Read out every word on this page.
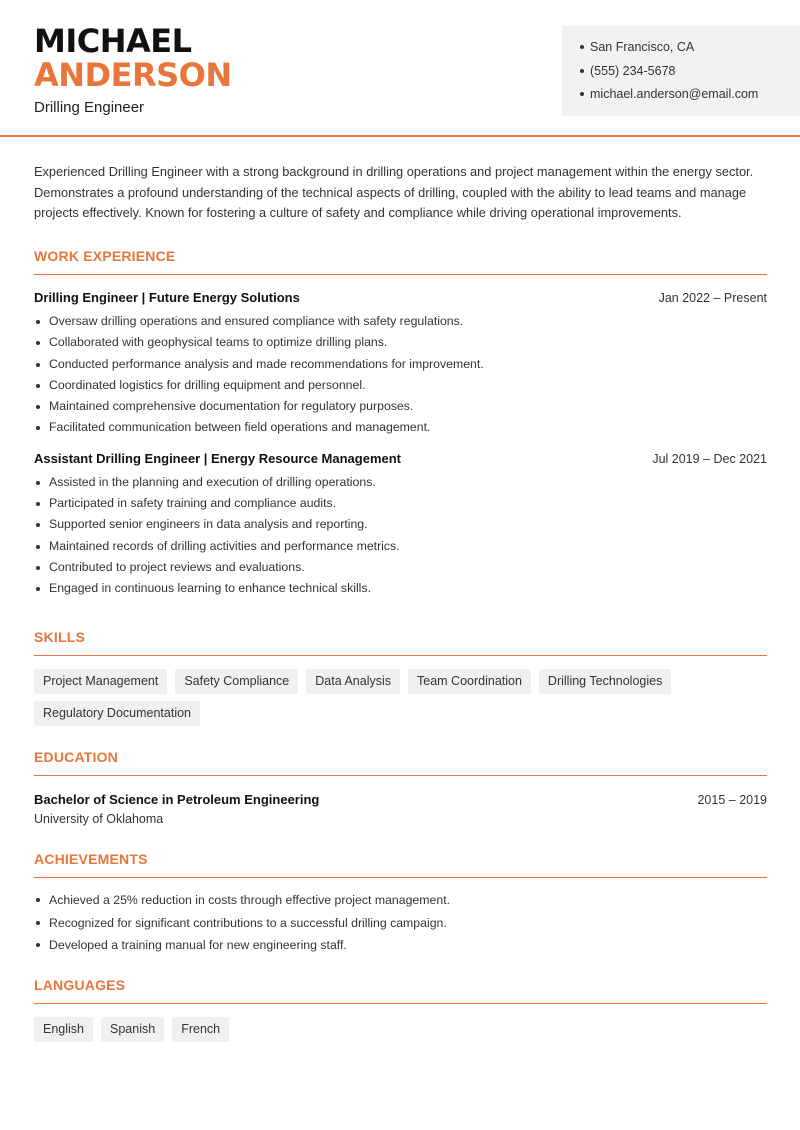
MICHAEL
ANDERSON
Drilling Engineer
San Francisco, CA
(555) 234-5678
michael.anderson@email.com

Experienced Drilling Engineer with a strong background in drilling operations and project management within the energy sector. Demonstrates a profound understanding of the technical aspects of drilling, coupled with the ability to lead teams and manage projects effectively. Known for fostering a culture of safety and compliance while driving operational improvements.

WORK EXPERIENCE
Drilling Engineer | Future Energy Solutions	Jan 2022 – Present
Oversaw drilling operations and ensured compliance with safety regulations.
Collaborated with geophysical teams to optimize drilling plans.
Conducted performance analysis and made recommendations for improvement.
Coordinated logistics for drilling equipment and personnel.
Maintained comprehensive documentation for regulatory purposes.
Facilitated communication between field operations and management.
Assistant Drilling Engineer | Energy Resource Management	Jul 2019 – Dec 2021
Assisted in the planning and execution of drilling operations.
Participated in safety training and compliance audits.
Supported senior engineers in data analysis and reporting.
Maintained records of drilling activities and performance metrics.
Contributed to project reviews and evaluations.
Engaged in continuous learning to enhance technical skills.
SKILLS
Project Management	Safety Compliance	Data Analysis	Team Coordination	Drilling Technologies
Regulatory Documentation
EDUCATION
Bachelor of Science in Petroleum Engineering	2015 – 2019
University of Oklahoma
ACHIEVEMENTS
Achieved a 25% reduction in costs through effective project management.
Recognized for significant contributions to a successful drilling campaign.
Developed a training manual for new engineering staff.
LANGUAGES
English	Spanish	French
